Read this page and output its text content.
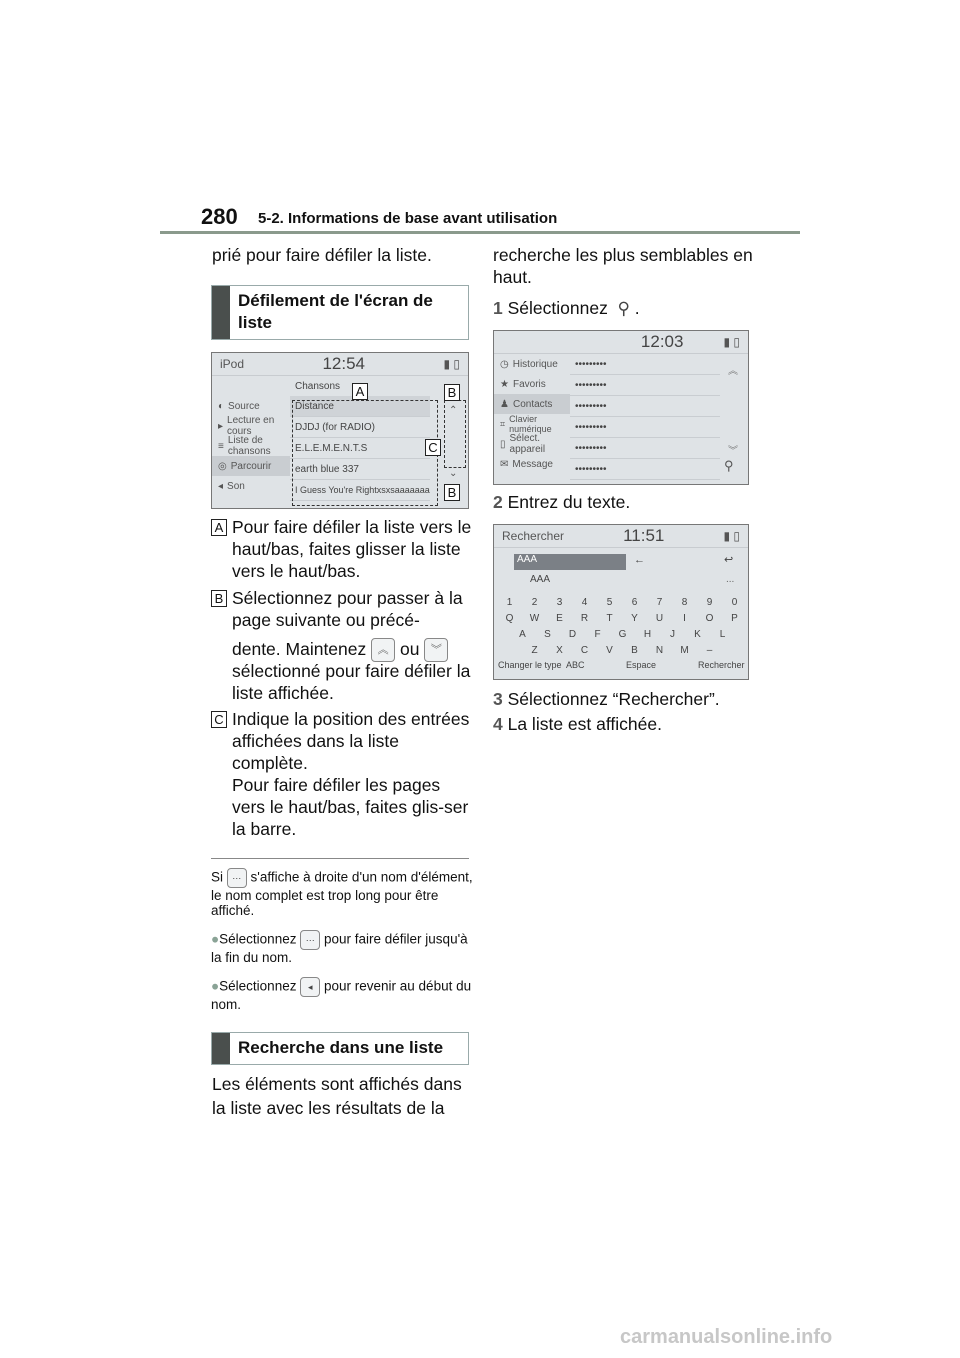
280 5-2. Informations de base avant utilisation
prié pour faire défiler la liste.
Défilement de l'écran de liste
iPod	12:54	▮ ▯
◐ Source
▸ Lecture en cours
≡ Liste de chansons
◎ Parcourir
◂ Son
Chansons
Distance
DJDJ (for RADIO)
E.L.E.M.E.N.T.S
earth blue 337
I Guess You're Rightxsxsaaaaaaa
⌃
⌄
A	B
C
B
A Pour faire défiler la liste vers le haut/bas, faites glisser la liste vers le haut/bas.
B Sélectionnez pour passer à la page suivante ou précé-
dente. Maintenez ︽ ou ︾
sélectionné pour faire défiler la liste affichée.
C Indique la position des entrées affichées dans la liste complète.
Pour faire défiler les pages vers le haut/bas, faites glis-ser la barre.
Si ⋯ s'affiche à droite d'un nom d'élément, le nom complet est trop long pour être affiché.
●Sélectionnez ⋯ pour faire défiler jusqu'à la fin du nom.
●Sélectionnez ◂ pour revenir au début du nom.
Recherche dans une liste
Les éléments sont affichés dans la liste avec les résultats de la
recherche les plus semblables en haut.
1 Sélectionnez ⚲ .
12:03	▮ ▯
◷ Historique
★ Favoris
♟ Contacts
⌗ Clavier numérique
▯ Sélect. appareil
✉ Message
•••••••••
•••••••••
•••••••••
•••••••••
•••••••••
•••••••••
︽
︾
⚲
2 Entrez du texte.
Rechercher	11:51	▮ ▯
AAA	←	↩
AAA	...
1 2 3 4 5 6 7 8 9 0
Q W E R T Y U I O P
A S D F G H J K L
Z X C V B N M –
Changer le type ABC	Espace	Rechercher
3 Sélectionnez “Rechercher”.
4 La liste est affichée.
carmanualsonline.info
